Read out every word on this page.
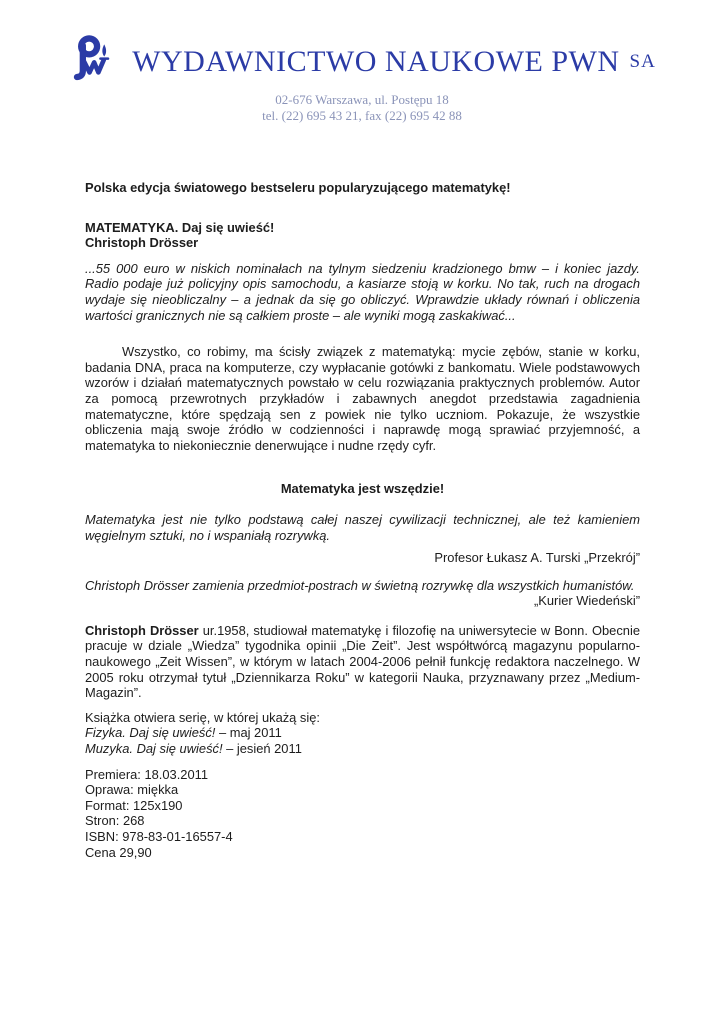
WYDAWNICTWO NAUKOWE PWN SA
02-676 Warszawa, ul. Postępu 18
tel. (22) 695 43 21, fax (22) 695 42 88
Polska edycja światowego bestseleru popularyzującego matematykę!
MATEMATYKA. Daj się uwieść!
Christoph Drösser

...55 000 euro w niskich nominałach na tylnym siedzeniu kradzionego bmw – i koniec jazdy. Radio podaje już policyjny opis samochodu, a kasiarze stoją w korku. No tak, ruch na drogach wydaje się nieobliczalny – a jednak da się go obliczyć. Wprawdzie układy równań i obliczenia wartości granicznych nie są całkiem proste – ale wyniki mogą zaskakiwać...

Wszystko, co robimy, ma ścisły związek z matematyką: mycie zębów, stanie w korku, badania DNA, praca na komputerze, czy wypłacanie gotówki z bankomatu. Wiele podstawowych wzorów i działań matematycznych powstało w celu rozwiązania praktycznych problemów. Autor za pomocą przewrotnych przykładów i zabawnych anegdot przedstawia zagadnienia matematyczne, które spędzają sen z powiek nie tylko uczniom. Pokazuje, że wszystkie obliczenia mają swoje źródło w codzienności i naprawdę mogą sprawiać przyjemność, a matematyka to niekoniecznie denerwujące i nudne rzędy cyfr.

Matematyka jest wszędzie!

Matematyka jest nie tylko podstawą całej naszej cywilizacji technicznej, ale też kamieniem węgielnym sztuki, no i wspaniałą rozrywką.

Profesor Łukasz A. Turski „Przekrój”

Christoph Drösser zamienia przedmiot-postrach w świetną rozrywkę dla wszystkich humanistów.

„Kurier Wiedeński”

Christoph Drösser ur.1958, studiował matematykę i filozofię na uniwersytecie w Bonn. Obecnie pracuje w dziale „Wiedza” tygodnika opinii „Die Zeit”. Jest współtwórcą magazynu popularno-naukowego „Zeit Wissen”, w którym w latach 2004-2006 pełnił funkcję redaktora naczelnego. W 2005 roku otrzymał tytuł „Dziennikarza Roku” w kategorii Nauka, przyznawany przez „Medium-Magazin”.

Książka otwiera serię, w której ukażą się:
Fizyka. Daj się uwieść! – maj 2011
Muzyka. Daj się uwieść! – jesień 2011
Premiera: 18.03.2011
Oprawa: miękka
Format: 125x190
Stron: 268
ISBN: 978-83-01-16557-4
Cena 29,90
